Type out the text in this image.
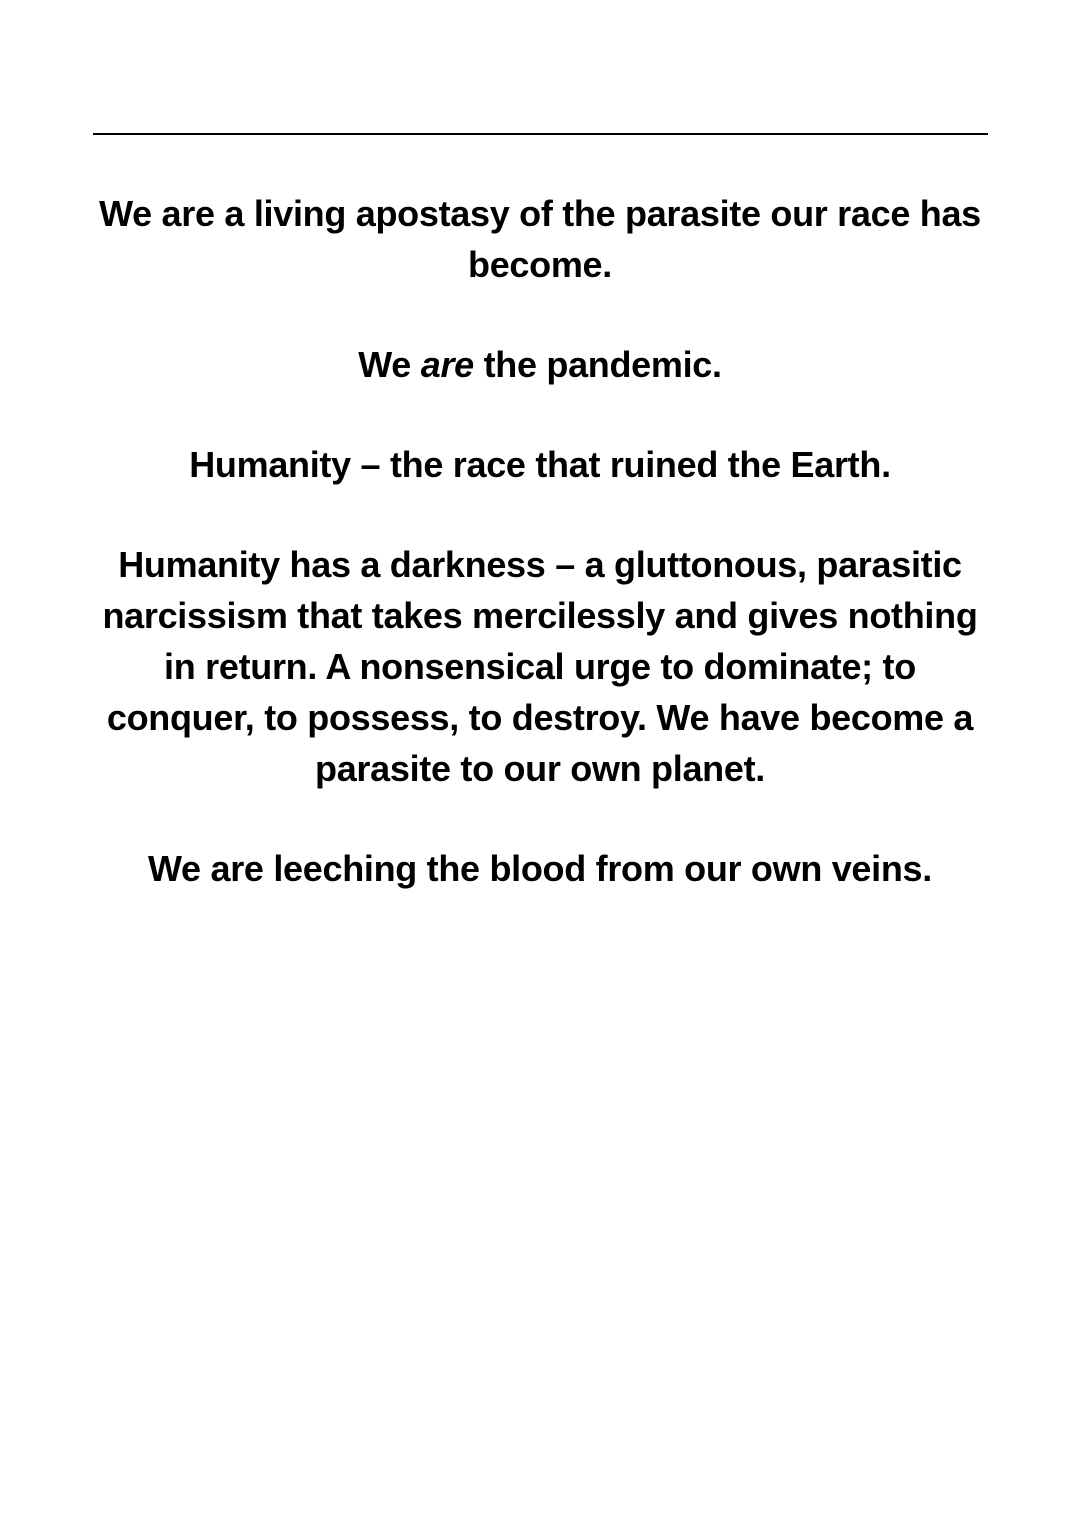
We are a living apostasy of the parasite our race has become.

We are the pandemic.

Humanity – the race that ruined the Earth.

Humanity has a darkness – a gluttonous, parasitic narcissism that takes mercilessly and gives nothing in return. A nonsensical urge to dominate; to conquer, to possess, to destroy. We have become a parasite to our own planet.

We are leeching the blood from our own veins.
